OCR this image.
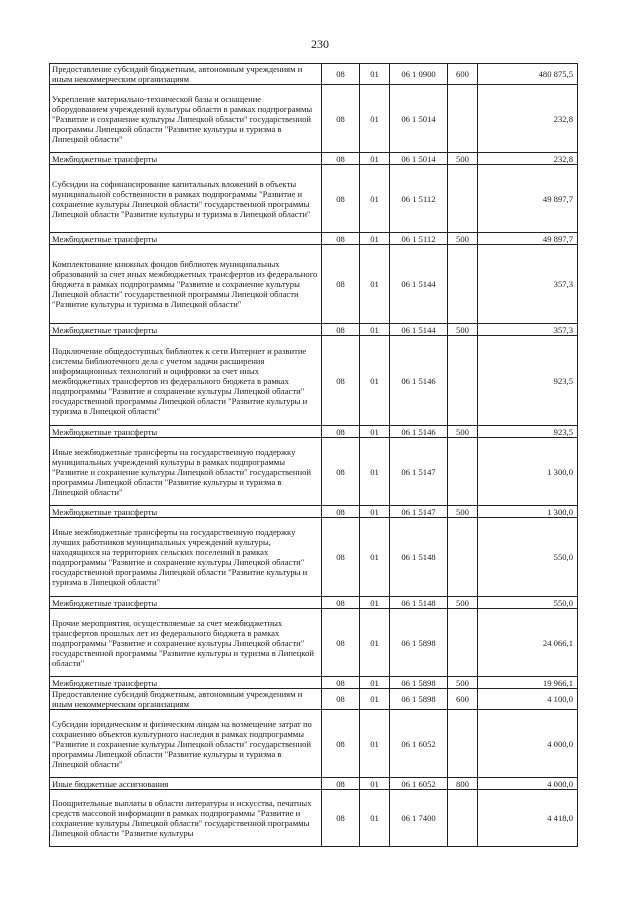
230
Предоставление субсидий бюджетным, автономным учреждениям и иным некоммерческим организациям	08	01	06 1 0900	600	480 875,5
Укрепление материально-технической базы и оснащение оборудованием учреждений культуры области в рамках подпрограммы "Развитие и сохранение культуры Липецкой области" государственной программы Липецкой области "Развитие культуры и туризма в Липецкой области"	08	01	06 1 5014		232,8
Межбюджетные трансферты	08	01	06 1 5014	500	232,8
Субсидии на софинансирование капитальных вложений в объекты муниципальной собственности в рамках подпрограммы "Развитие и сохранение культуры Липецкой области" государственной программы Липецкой области "Развитие культуры и туризма в Липецкой области"	08	01	06 1 5112		49 897,7
Межбюджетные трансферты	08	01	06 1 5112	500	49 897,7
Комплектование книжных фондов библиотек муниципальных образований за счет иных межбюджетных трансфертов из федерального бюджета в рамках подпрограммы "Развитие и сохранение культуры Липецкой области" государственной программы Липецкой области "Развитие культуры и туризма в Липецкой области"	08	01	06 1 5144		357,3
Межбюджетные трансферты	08	01	06 1 5144	500	357,3
Подключение общедоступных библиотек к сети Интернет и развитие системы библиотечного дела с учетом задачи расширения информационных технологий и оцифровки за счет иных межбюджетных трансфертов из федерального бюджета в рамках подпрограммы "Развитие и сохранение культуры Липецкой области" государственной программы Липецкой области "Развитие культуры и туризма в Липецкой области"	08	01	06 1 5146		923,5
Межбюджетные трансферты	08	01	06 1 5146	500	923,5
Иные межбюджетные трансферты на государственную поддержку муниципальных учреждений культуры в рамках подпрограммы "Развитие и сохранение культуры Липецкой области" государственной программы Липецкой области "Развитие культуры и туризма в Липецкой области"	08	01	06 1 5147		1 300,0
Межбюджетные трансферты	08	01	06 1 5147	500	1 300,0
Иные межбюджетные трансферты на государственную поддержку лучших работников муниципальных учреждений культуры, находящихся на территориях сельских поселений в рамках подпрограммы "Развитие и сохранение культуры Липецкой области" государственной программы Липецкой области "Развитие культуры и туризма в Липецкой области"	08	01	06 1 5148		550,0
Межбюджетные трансферты	08	01	06 1 5148	500	550,0
Прочие мероприятия, осуществляемые за счет межбюджетных трансфертов прошлых лет из федерального бюджета в рамках подпрограммы "Развитие и сохранение культуры Липецкой области" государственной программы "Развитие культуры и туризма в Липецкой области"	08	01	06 1 5898		24 066,1
Межбюджетные трансферты	08	01	06 1 5898	500	19 966,1
Предоставление субсидий бюджетным, автономным учреждениям и иным некоммерческим организациям	08	01	06 1 5898	600	4 100,0
Субсидии юридическим и физическим лицам на возмещение затрат по сохранению объектов культурного наследия в рамках подпрограммы "Развитие и сохранение культуры Липецкой области" государственной программы Липецкой области "Развитие культуры и туризма в Липецкой области"	08	01	06 1 6052		4 000,0
Иные бюджетные ассигнования	08	01	06 1 6052	800	4 000,0
Поощрительные выплаты в области литературы и искусства, печатных средств массовой информации в рамках подпрограммы "Развитие и сохранение культуры Липецкой области" государственной программы Липецкой области "Развитие культуры	08	01	06 1 7400		4 418,0
